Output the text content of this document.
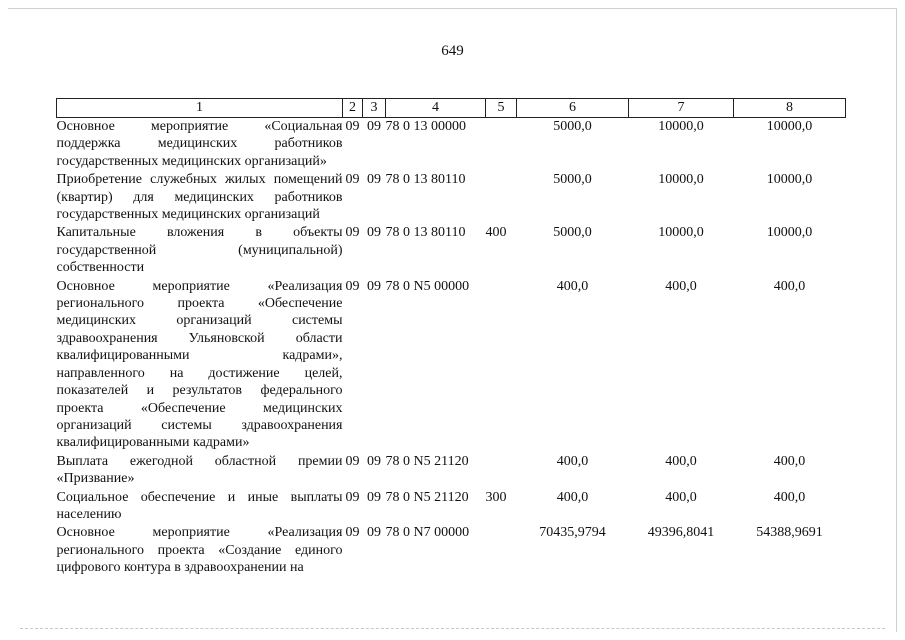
649
1	2	3	4	5	6	7	8
Основное мероприятие «Социальная поддержка медицинских работников государственных медицинских организаций»	09	09	78 0 13 00000		5000,0	10000,0	10000,0
Приобретение служебных жилых помещений (квартир) для медицинских работников государственных медицинских организаций	09	09	78 0 13 80110		5000,0	10000,0	10000,0
Капитальные вложения в объекты государственной (муниципальной) собственности	09	09	78 0 13 80110	400	5000,0	10000,0	10000,0
Основное мероприятие «Реализация регионального проекта «Обеспечение медицинских организаций системы здравоохранения Ульяновской области квалифицированными кадрами», направленного на достижение целей, показателей и результатов федерального проекта «Обеспечение медицинских организаций системы здравоохранения квалифицированными кадрами»	09	09	78 0 N5 00000		400,0	400,0	400,0
Выплата ежегодной областной премии «Призвание»	09	09	78 0 N5 21120		400,0	400,0	400,0
Социальное обеспечение и иные выплаты населению	09	09	78 0 N5 21120	300	400,0	400,0	400,0
Основное мероприятие «Реализация регионального проекта «Создание единого цифрового контура в здравоохранении на	09	09	78 0 N7 00000		70435,9794	49396,8041	54388,9691
